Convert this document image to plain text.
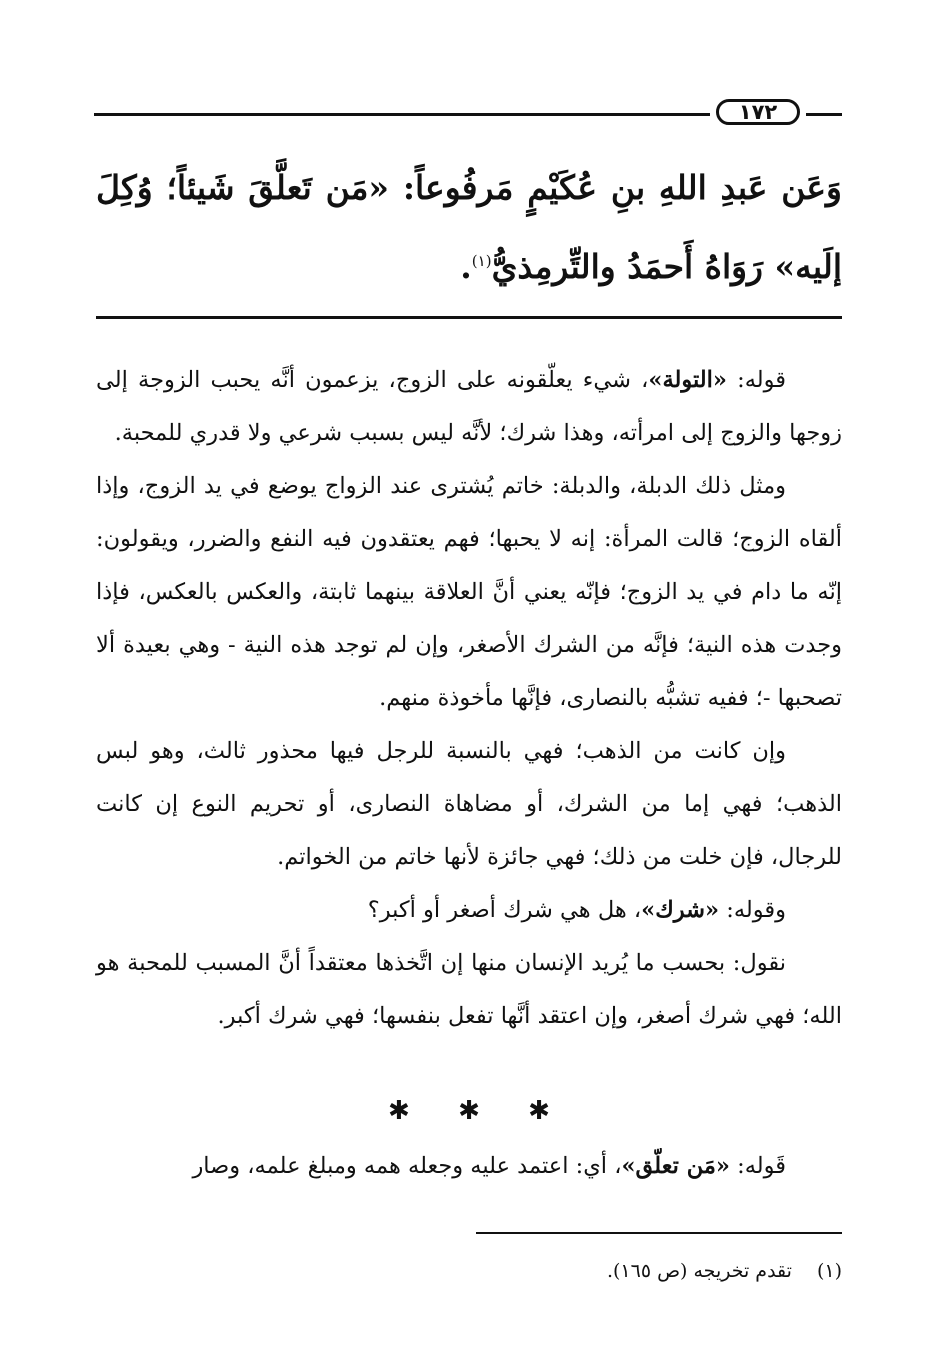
١٧٢
وَعَن عَبدِ اللهِ بنِ عُكَيْمٍ مَرفُوعاً: «مَن تَعلَّقَ شَيئاً؛ وُكِلَ إلَيه» رَوَاهُ أَحمَدُ والتِّرمِذيُّ$^{(١)}$.

قوله: «التولة»، شيء يعلّقونه على الزوج، يزعمون أنَّه يحبب الزوجة إلى زوجها والزوج إلى امرأته، وهذا شرك؛ لأنَّه ليس بسبب شرعي ولا قدري للمحبة.

ومثل ذلك الدبلة، والدبلة: خاتم يُشترى عند الزواج يوضع في يد الزوج، وإذا ألقاه الزوج؛ قالت المرأة: إنه لا يحبها؛ فهم يعتقدون فيه النفع والضرر، ويقولون: إنّه ما دام في يد الزوج؛ فإنّه يعني أنَّ العلاقة بينهما ثابتة، والعكس بالعكس، فإذا وجدت هذه النية؛ فإنَّه من الشرك الأصغر، وإن لم توجد هذه النية - وهي بعيدة ألا تصحبها -؛ ففيه تشبُّه بالنصارى، فإنَّها مأخوذة منهم.

وإن كانت من الذهب؛ فهي بالنسبة للرجل فيها محذور ثالث، وهو لبس الذهب؛ فهي إما من الشرك، أو مضاهاة النصارى، أو تحريم النوع إن كانت للرجال، فإن خلت من ذلك؛ فهي جائزة لأنها خاتم من الخواتم.

وقوله: «شرك»، هل هي شرك أصغر أو أكبر؟

نقول: بحسب ما يُريد الإنسان منها إن اتَّخذها معتقداً أنَّ المسبب للمحبة هو الله؛ فهي شرك أصغر، وإن اعتقد أنَّها تفعل بنفسها؛ فهي شرك أكبر.

✱ ✱ ✱

قَوله: «مَن تعلّق»، أي: اعتمد عليه وجعله همه ومبلغ علمه، وصار

(١) تقدم تخريجه (ص ١٦٥).
